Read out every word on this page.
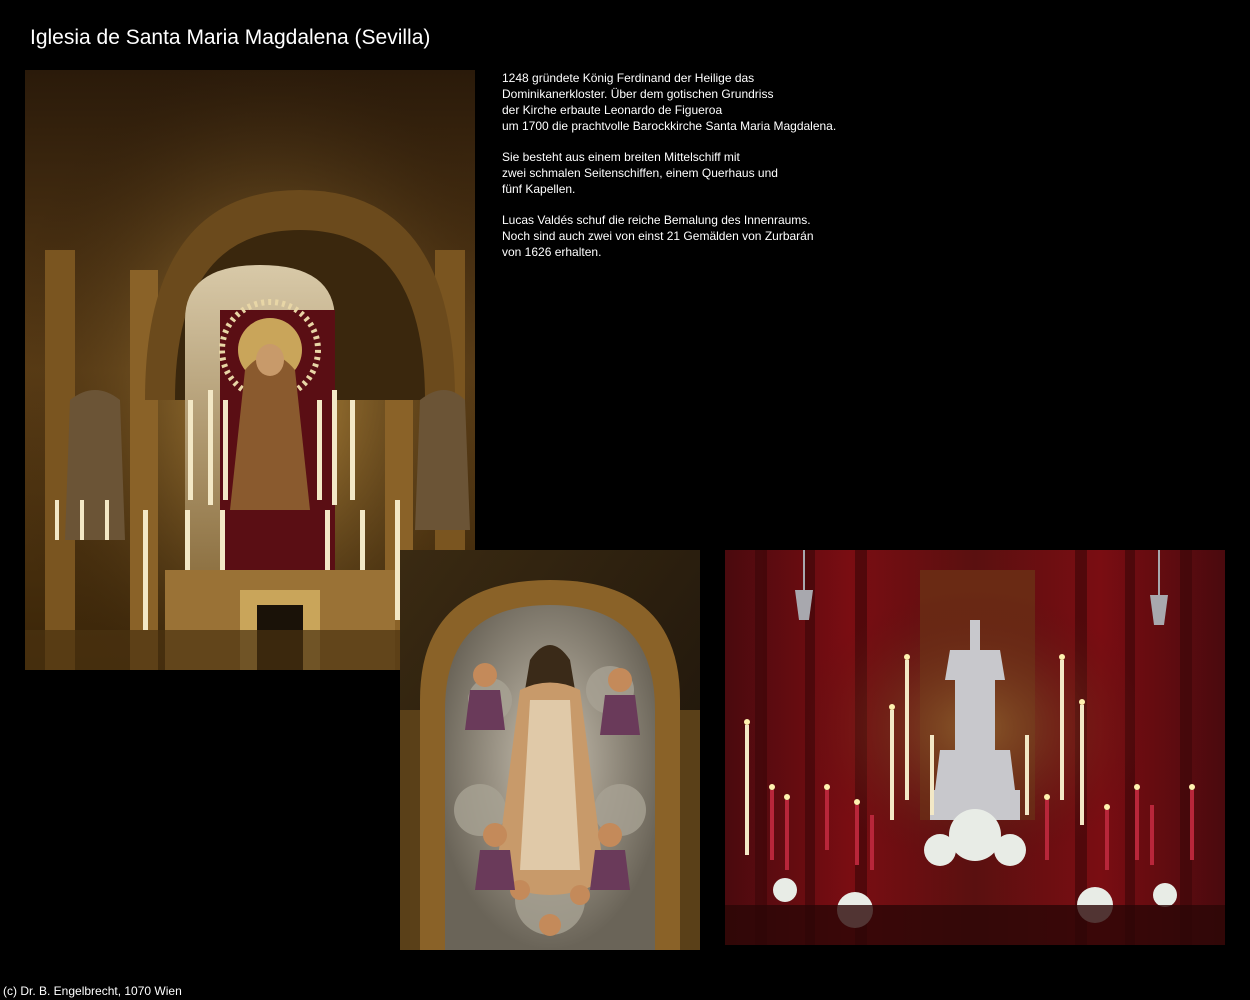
Iglesia de Santa Maria Magdalena (Sevilla)

1248 gründete König Ferdinand der Heilige das
Dominikanerkloster. Über dem gotischen Grundriss
der Kirche erbaute Leonardo de Figueroa
um 1700 die prachtvolle Barockkirche Santa Maria Magdalena.

Sie besteht aus einem breiten Mittelschiff mit
zwei schmalen Seitenschiffen, einem Querhaus und
fünf Kapellen.

Lucas Valdés schuf die reiche Bemalung des Innenraums.
Noch sind auch zwei von einst 21 Gemälden von Zurbarán
von 1626 erhalten.

(c) Dr. B. Engelbrecht, 1070 Wien
